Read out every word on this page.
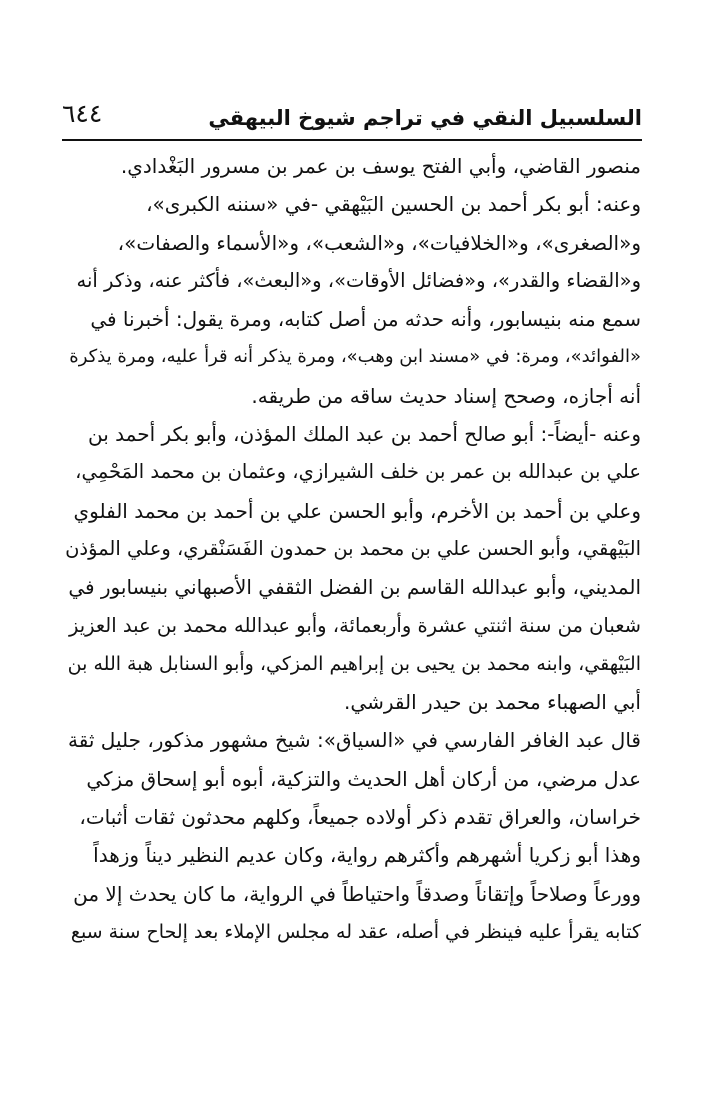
السلسبيل النقي في تراجم شيوخ البيهقي
٦٤٤
منصور القاضي، وأبي الفتح يوسف بن عمر بن مسرور البَغْدادي.
وعنه: أبو بكر أحمد بن الحسين البَيْهقي -في «سننه الكبرى»،
و«الصغرى»، و«الخلافيات»، و«الشعب»، و«الأسماء والصفات»،
و«القضاء والقدر»، و«فضائل الأوقات»، و«البعث»، فأكثر عنه، وذكر أنه
سمع منه بنيسابور، وأنه حدثه من أصل كتابه، ومرة يقول: أخبرنا في
«الفوائد»، ومرة: في «مسند ابن وهب»، ومرة يذكر أنه قرأ عليه، ومرة يذكرة
أنه أجازه، وصحح إسناد حديث ساقه من طريقه.
وعنه -أيضاً-: أبو صالح أحمد بن عبد الملك المؤذن، وأبو بكر أحمد بن
علي بن عبدالله بن عمر بن خلف الشيرازي، وعثمان بن محمد المَحْمِي،
وعلي بن أحمد بن الأخرم، وأبو الحسن علي بن أحمد بن محمد الفلوي
البَيْهقي، وأبو الحسن علي بن محمد بن حمدون الفَسَنْقري، وعلي المؤذن
المديني، وأبو عبدالله القاسم بن الفضل الثقفي الأصبهاني بنيسابور في
شعبان من سنة اثنتي عشرة وأربعمائة، وأبو عبدالله محمد بن عبد العزيز
البَيْهقي، وابنه محمد بن يحيى بن إبراهيم المزكي، وأبو السنابل هبة الله بن
أبي الصهباء محمد بن حيدر القرشي.
قال عبد الغافر الفارسي في «السياق»: شيخ مشهور مذكور، جليل ثقة
عدل مرضي، من أركان أهل الحديث والتزكية، أبوه أبو إسحاق مزكي
خراسان، والعراق تقدم ذكر أولاده جميعاً، وكلهم محدثون ثقات أثبات،
وهذا أبو زكريا أشهرهم وأكثرهم رواية، وكان عديم النظير ديناً وزهداً
وورعاً وصلاحاً وإتقاناً وصدقاً واحتياطاً في الرواية، ما كان يحدث إلا من
كتابه يقرأ عليه فينظر في أصله، عقد له مجلس الإملاء بعد إلحاح سنة سبع
